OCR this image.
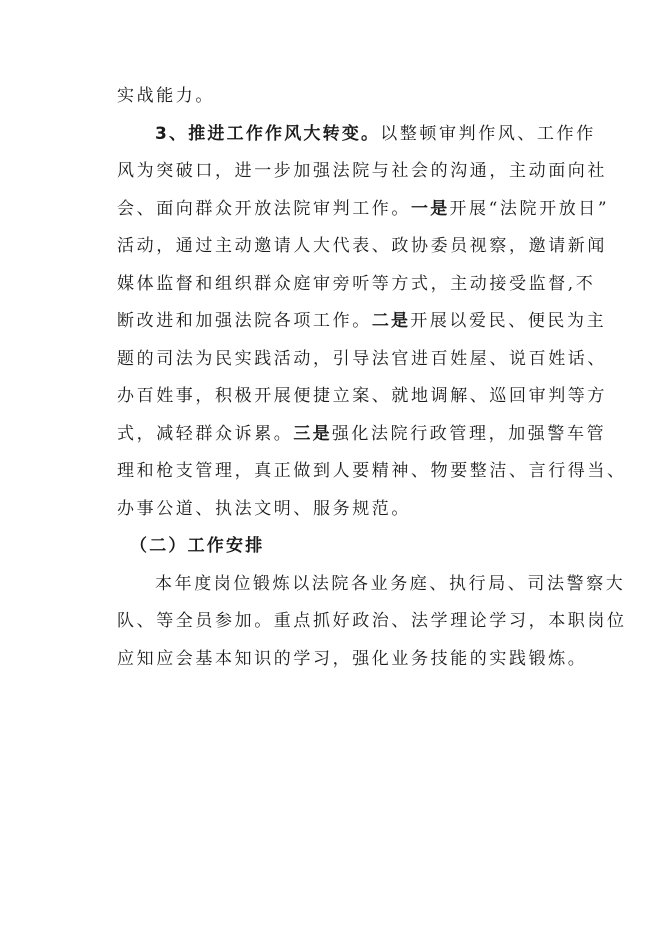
实战能力。
3、推进工作作风大转变。以整顿审判作风、工作作
风为突破口，进一步加强法院与社会的沟通，主动面向社
会、面向群众开放法院审判工作。一是开展“法院开放日”
活动，通过主动邀请人大代表、政协委员视察，邀请新闻
媒体监督和组织群众庭审旁听等方式，主动接受监督,不
断改进和加强法院各项工作。二是开展以爱民、便民为主
题的司法为民实践活动，引导法官进百姓屋、说百姓话、
办百姓事，积极开展便捷立案、就地调解、巡回审判等方
式，减轻群众诉累。三是强化法院行政管理，加强警车管
理和枪支管理，真正做到人要精神、物要整洁、言行得当、
办事公道、执法文明、服务规范。
（二）工作安排
本年度岗位锻炼以法院各业务庭、执行局、司法警察大
队、等全员参加。重点抓好政治、法学理论学习，本职岗位
应知应会基本知识的学习，强化业务技能的实践锻炼。
